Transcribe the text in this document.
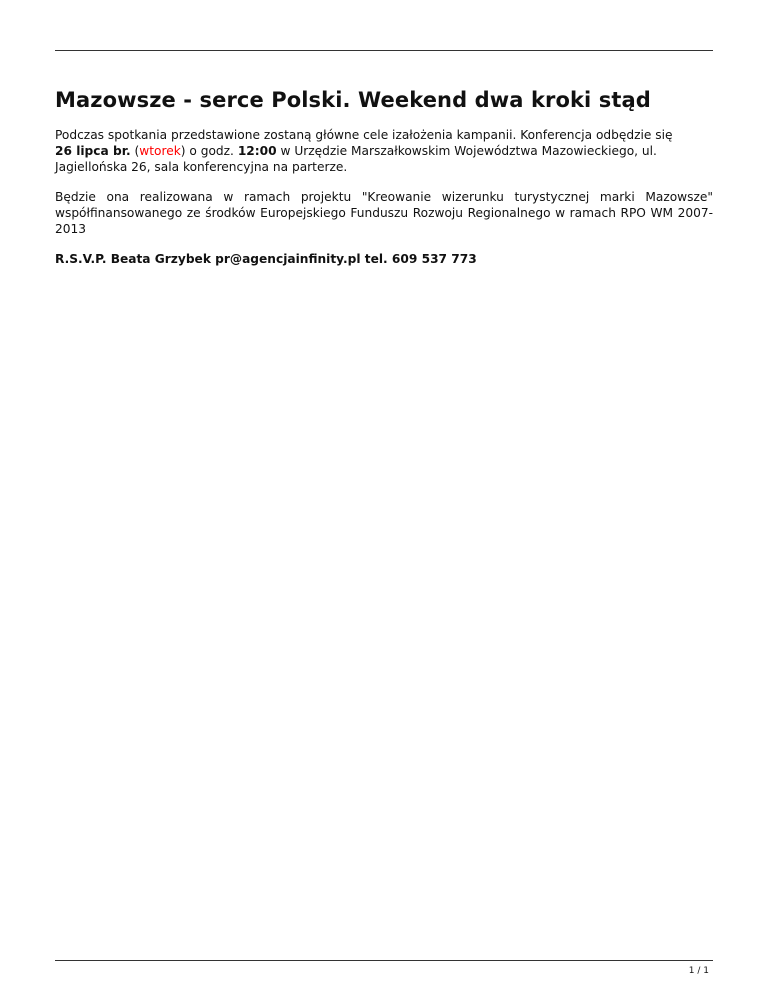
Mazowsze - serce Polski. Weekend dwa kroki stąd

Podczas spotkania przedstawione zostaną główne cele izałożenia kampanii. Konferencja odbędzie się
26 lipca br. (wtorek) o godz. 12:00 w Urzędzie Marszałkowskim Województwa Mazowieckiego, ul. Jagiellońska 26, sala konferencyjna na parterze.

Będzie ona realizowana w ramach projektu "Kreowanie wizerunku turystycznej marki Mazowsze" współfinansowanego ze środków Europejskiego Funduszu Rozwoju Regionalnego w ramach RPO WM 2007-2013

R.S.V.P. Beata Grzybek pr@agencjainfinity.pl tel. 609 537 773

1 / 1
